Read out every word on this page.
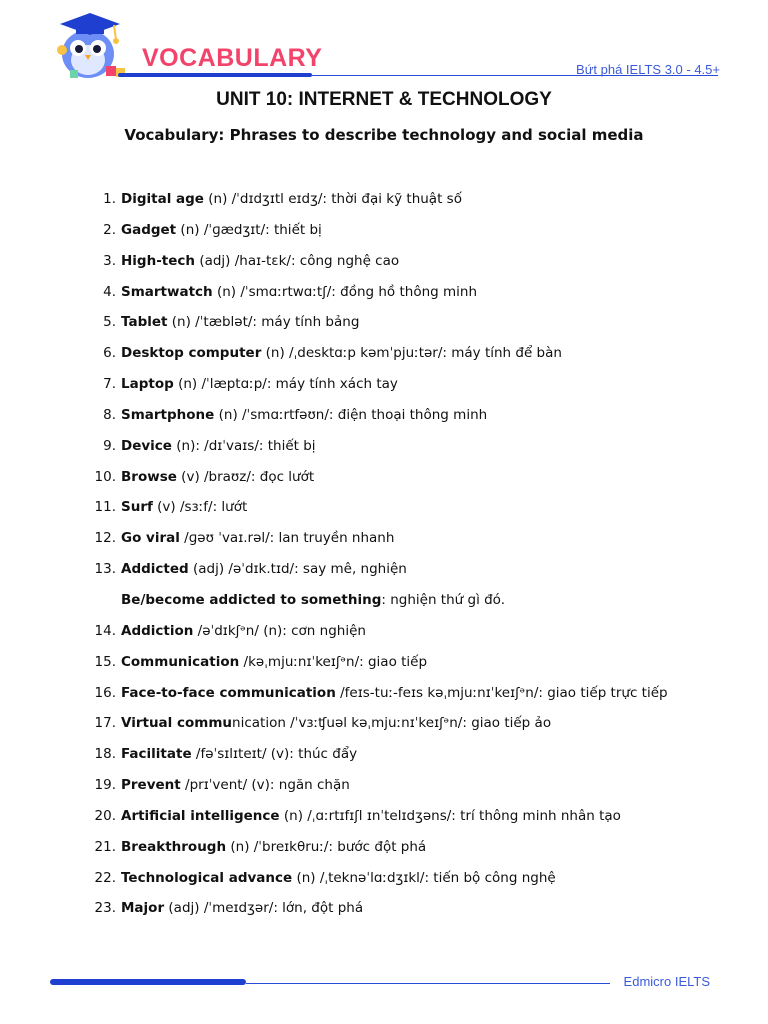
VOCABULARY	Bứt phá IELTS 3.0 - 4.5+
UNIT 10: INTERNET & TECHNOLOGY
Vocabulary: Phrases to describe technology and social media
1. Digital age (n) /ˈdɪdʒɪtl eɪdʒ/: thời đại kỹ thuật số
2. Gadget (n) /ˈɡædʒɪt/: thiết bị
3. High-tech (adj) /haɪ-tɛk/: công nghệ cao
4. Smartwatch (n) /ˈsmɑːrtwɑːtʃ/: đồng hồ thông minh
5. Tablet (n) /ˈtæblət/: máy tính bảng
6. Desktop computer (n) /ˌdesktɑːp kəmˈpjuːtər/: máy tính để bàn
7. Laptop (n) /ˈlæptɑːp/: máy tính xách tay
8. Smartphone (n) /ˈsmɑːrtfəʊn/: điện thoại thông minh
9. Device (n): /dɪˈvaɪs/: thiết bị
10. Browse (v) /braʊz/: đọc lướt
11. Surf (v) /sɜːf/: lướt
12. Go viral /ɡəʊ ˈvaɪ.rəl/: lan truyền nhanh
13. Addicted (adj) /əˈdɪk.tɪd/: say mê, nghiện
Be/become addicted to something: nghiện thứ gì đó.
14. Addiction /əˈdɪkʃᵊn/ (n): cơn nghiện
15. Communication /kəˌmjuːnɪˈkeɪʃᵊn/: giao tiếp
16. Face-to-face communication /feɪs-tuː-feɪs kəˌmjuːnɪˈkeɪʃᵊn/: giao tiếp trực tiếp
17. Virtual communication /ˈvɜːʧuəl kəˌmjuːnɪˈkeɪʃᵊn/: giao tiếp ảo
18. Facilitate /fəˈsɪlɪteɪt/ (v): thúc đẩy
19. Prevent /prɪˈvent/ (v): ngăn chặn
20. Artificial intelligence (n) /ˌɑːrtɪfɪʃl ɪnˈtelɪdʒəns/: trí thông minh nhân tạo
21. Breakthrough (n) /ˈbreɪkθruː/: bước đột phá
22. Technological advance (n) /ˌteknəˈlɑːdʒɪkl/: tiến bộ công nghệ
23. Major (adj) /ˈmeɪdʒər/: lớn, đột phá
Edmicro IELTS
